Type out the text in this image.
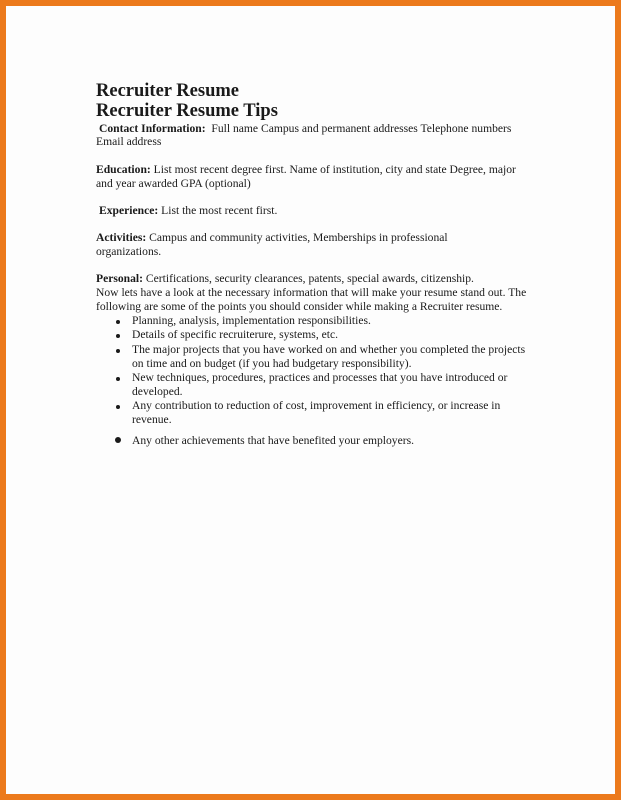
Recruiter Resume
Recruiter Resume Tips
Contact Information: Full name Campus and permanent addresses Telephone numbers
Email address
Education: List most recent degree first. Name of institution, city and state Degree, major
and year awarded GPA (optional)
Experience: List the most recent first.
Activities: Campus and community activities, Memberships in professional
organizations.
Personal: Certifications, security clearances, patents, special awards, citizenship.
Now lets have a look at the necessary information that will make your resume stand out. The
following are some of the points you should consider while making a Recruiter resume.
Planning, analysis, implementation responsibilities.
Details of specific recruiterure, systems, etc.
The major projects that you have worked on and whether you completed the projects
on time and on budget (if you had budgetary responsibility).
New techniques, procedures, practices and processes that you have introduced or
developed.
Any contribution to reduction of cost, improvement in efficiency, or increase in
revenue.
Any other achievements that have benefited your employers.
